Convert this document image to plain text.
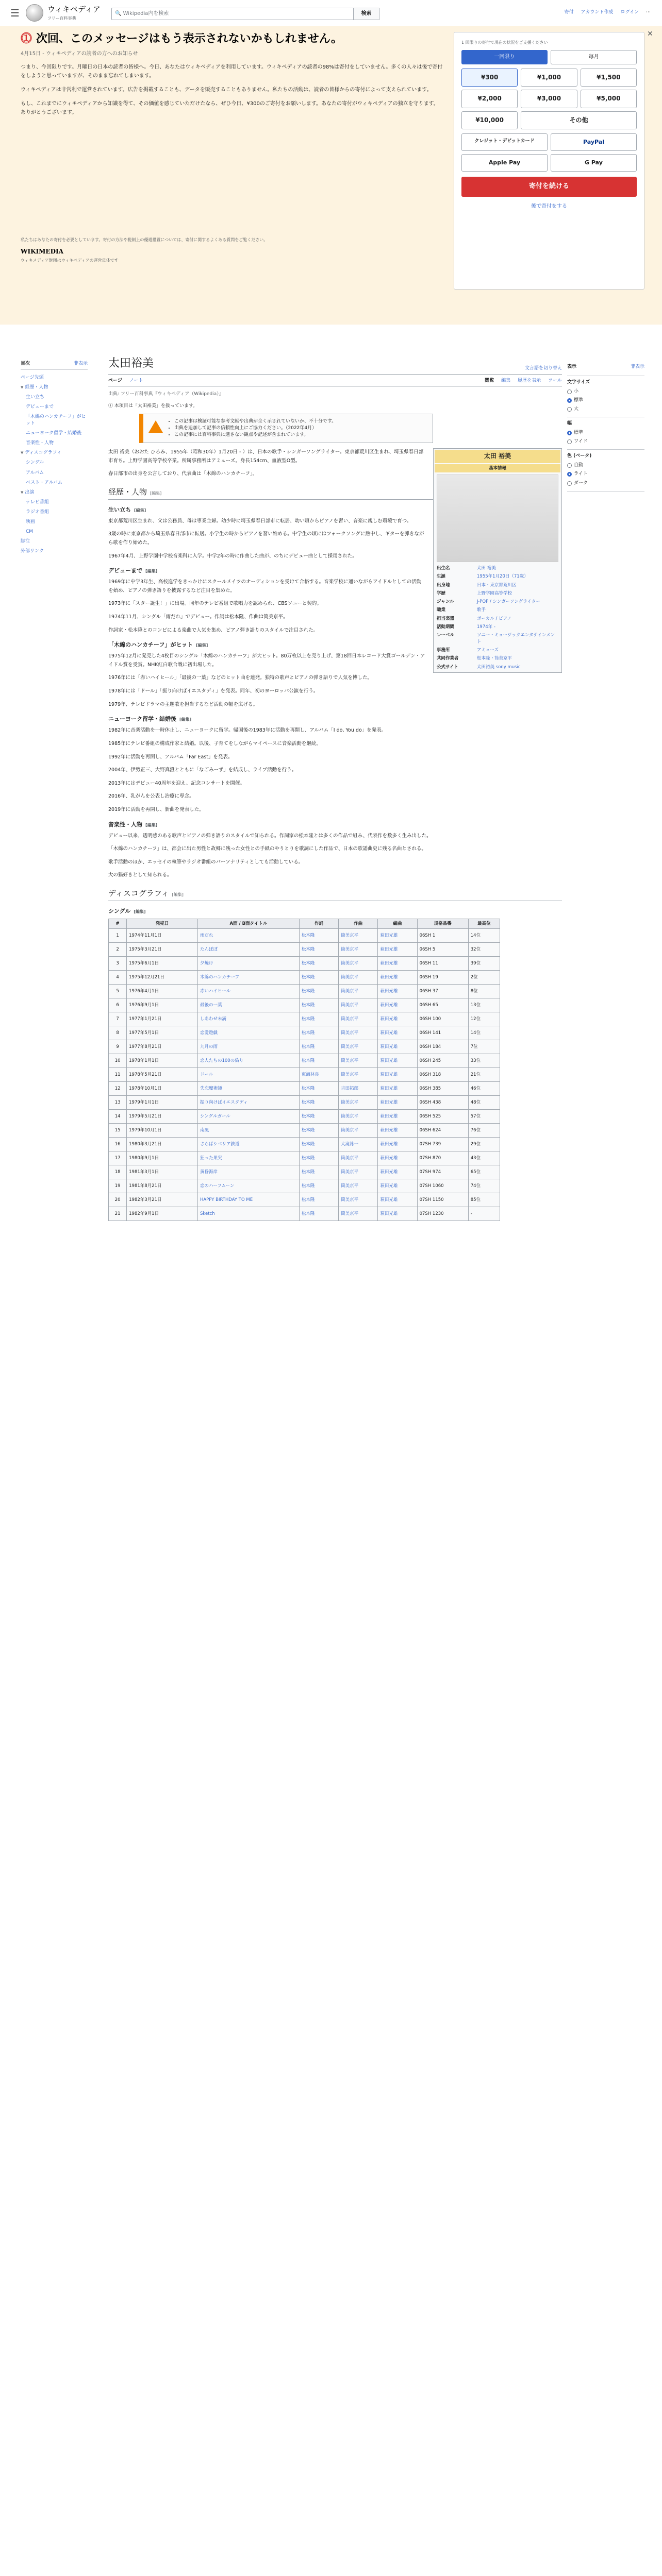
☰	ウィキペディア
フリー百科事典
🔍 Wikipedia内を検索	検索	寄付 アカウント作成 ログイン ⋯
⓵ 次回、このメッセージはもう表示されないかもしれません。
4月15日 - ウィキペディアの読者の方へのお知らせ

つまり、今回限りです。月曜日の日本の読者の皆様へ。今日、あなたはウィキペディアを利用しています。ウィキペディアの読者の98%は寄付をしていません。多くの人々は後で寄付をしようと思っていますが、そのまま忘れてしまいます。

ウィキペディアは非営利で運営されています。広告を掲載することも、データを販売することもありません。私たちの活動は、読者の皆様からの寄付によって支えられています。

もし、これまでにウィキペディアから知識を得て、その価値を感じていただけたなら、ぜひ今日、¥300のご寄付をお願いします。あなたの寄付がウィキペディアの独立を守ります。ありがとうございます。

私たちはあなたの寄付を必要としています。寄付の方法や税制上の優遇措置については、寄付に関するよくある質問をご覧ください。
WIKIMEDIA
ウィキメディア財団はウィキペディアの運営母体です
✕
1 回限りの寄付で現在の状況をご支援ください
一回限り	毎月
¥300	¥1,000	¥1,500
¥2,000	¥3,000	¥5,000
¥10,000	その他
クレジット・デビットカード	PayPal
Apple Pay	G Pay
寄付を続ける
後で寄付をする
目次	非表示
ページ先頭
▼ 経歴・人物
生い立ち
デビューまで
「木綿のハンカチーフ」がヒット
ニューヨーク留学・結婚後
音楽性・人物
▼ ディスコグラフィ
シングル
アルバム
ベスト・アルバム
▼ 出演
テレビ番組
ラジオ番組
映画
CM
脚注
外部リンク
表示	非表示
文字サイズ
小
標準
大
幅
標準
ワイド
色 (ベータ)
自動
ライト
ダーク
太田裕美	文言語を切り替え
ページ ノート	閲覧 編集 履歴を表示 ツール
出典: フリー百科事典『ウィキペディア（Wikipedia）』
ⓘ 本項目は「太田裕美」を扱っています。
• この記事は検証可能な参考文献や出典が全く示されていないか、不十分です。
• 出典を追加して記事の信頼性向上にご協力ください。（2022年4月）
• この記事には百科事典に適さない観点や記述が含まれています。
太田 裕美
基本情報
出生名	太田 裕美
生誕	1955年1月20日（71歳）
出身地	日本・東京都荒川区
学歴	上野学園高等学校
ジャンル	J-POP / シンガーソングライター
職業	歌手
担当楽器	ボーカル / ピアノ
活動期間	1974年 -
レーベル	ソニー・ミュージックエンタテインメント
事務所	アミューズ
共同作業者	松本隆・筒美京平
公式サイト	太田裕美 sony music

太田 裕美（おおた ひろみ、1955年（昭和30年）1月20日 - ）は、日本の歌手・シンガーソングライター。東京都荒川区生まれ、埼玉県春日部市育ち。上野学園高等学校卒業。所属事務所はアミューズ。身長154cm、血液型O型。

春日部市の出身を公言しており、代表曲は「木綿のハンカチーフ」。

経歴・人物 [編集]
生い立ち [編集]

東京都荒川区生まれ、父は公務員、母は専業主婦。幼少時に埼玉県春日部市に転居、幼い頃からピアノを習い、音楽に親しむ環境で育つ。

3歳の時に東京都から埼玉県春日部市に転居。小学生の時からピアノを習い始める。中学生の頃にはフォークソングに熱中し、ギターを弾きながら歌を作り始めた。

1967年4月、上野学園中学校音楽科に入学。中学2年の時に作曲した曲が、のちにデビュー曲として採用された。

デビューまで [編集]

1969年に中学3年生、高校進学をきっかけにスクールメイツのオーディションを受けて合格する。音楽学校に通いながらアイドルとしての活動を始め、ピアノの弾き語りを披露するなど注目を集めた。

1973年に「スター誕生！」に出場。同年のテレビ番組で歌唱力を認められ、CBSソニーと契約。

1974年11月、シングル「雨だれ」でデビュー。作詞は松本隆、作曲は筒美京平。

作詞家・松本隆とのコンビによる楽曲で人気を集め、ピアノ弾き語りのスタイルで注目された。

「木綿のハンカチーフ」がヒット [編集]

1975年12月に発売した4枚目のシングル「木綿のハンカチーフ」が大ヒット。80万枚以上を売り上げ、第18回日本レコード大賞ゴールデン・アイドル賞を受賞。NHK紅白歌合戦に初出場した。

1976年には「赤いハイヒール」「最後の一葉」などのヒット曲を連発。独特の歌声とピアノの弾き語りで人気を博した。

1978年には「ドール」「振り向けばイエスタディ」を発表。同年、初のヨーロッパ公演を行う。

1979年、テレビドラマの主題歌を担当するなど活動の幅を広げる。

ニューヨーク留学・結婚後 [編集]

1982年に音楽活動を一時休止し、ニューヨークに留学。帰国後の1983年に活動を再開し、アルバム「I do, You do」を発表。

1985年にテレビ番組の構成作家と結婚。以後、子育てをしながらマイペースに音楽活動を継続。

1992年に活動を再開し、アルバム「Far East」を発表。

2004年、伊勢正三、大野真澄とともに「なごみーず」を結成し、ライブ活動を行う。

2013年にはデビュー40周年を迎え、記念コンサートを開催。

2016年、乳がんを公表し治療に専念。

2019年に活動を再開し、新曲を発表した。

音楽性・人物 [編集]

デビュー以来、透明感のある歌声とピアノの弾き語りのスタイルで知られる。作詞家の松本隆とは多くの作品で組み、代表作を数多く生み出した。

「木綿のハンカチーフ」は、都会に出た男性と故郷に残った女性との手紙のやりとりを歌詞にした作品で、日本の歌謡曲史に残る名曲とされる。

歌手活動のほか、エッセイの執筆やラジオ番組のパーソナリティとしても活動している。

大の猫好きとして知られる。

ディスコグラフィ [編集]
シングル [編集]
#	発売日	A面 / B面タイトル	作詞	作曲	編曲	規格品番	最高位
1	1974年11月1日	雨だれ	松本隆	筒美京平	萩田光雄	06SH 1	14位
2	1975年3月21日	たんぽぽ	松本隆	筒美京平	萩田光雄	06SH 5	32位
3	1975年6月1日	夕焼け	松本隆	筒美京平	萩田光雄	06SH 11	39位
4	1975年12月21日	木綿のハンカチーフ	松本隆	筒美京平	萩田光雄	06SH 19	2位
5	1976年4月1日	赤いハイヒール	松本隆	筒美京平	萩田光雄	06SH 37	8位
6	1976年9月1日	最後の一葉	松本隆	筒美京平	萩田光雄	06SH 65	13位
7	1977年1月21日	しあわせ未満	松本隆	筒美京平	萩田光雄	06SH 100	12位
8	1977年5月1日	恋愛遊戯	松本隆	筒美京平	萩田光雄	06SH 141	14位
9	1977年8月21日	九月の雨	松本隆	筒美京平	萩田光雄	06SH 184	7位
10	1978年1月1日	恋人たちの100の偽り	松本隆	筒美京平	萩田光雄	06SH 245	33位
11	1978年5月21日	ドール	東海林良	筒美京平	萩田光雄	06SH 318	21位
12	1978年10月1日	失恋魔術師	松本隆	吉田拓郎	萩田光雄	06SH 385	46位
13	1979年1月1日	振り向けばイエスタディ	松本隆	筒美京平	萩田光雄	06SH 438	48位
14	1979年5月21日	シングルガール	松本隆	筒美京平	萩田光雄	06SH 525	57位
15	1979年10月1日	南風	松本隆	筒美京平	萩田光雄	06SH 624	76位
16	1980年3月21日	さらばシベリア鉄道	松本隆	大滝詠一	萩田光雄	07SH 739	29位
17	1980年9月1日	狂った果実	松本隆	筒美京平	萩田光雄	07SH 870	43位
18	1981年3月1日	黄昏海岸	松本隆	筒美京平	萩田光雄	07SH 974	65位
19	1981年8月21日	恋のハーフムーン	松本隆	筒美京平	萩田光雄	07SH 1060	74位
20	1982年3月21日	HAPPY BIRTHDAY TO ME	松本隆	筒美京平	萩田光雄	07SH 1150	85位
21	1982年9月1日	Sketch	松本隆	筒美京平	萩田光雄	07SH 1230	-
